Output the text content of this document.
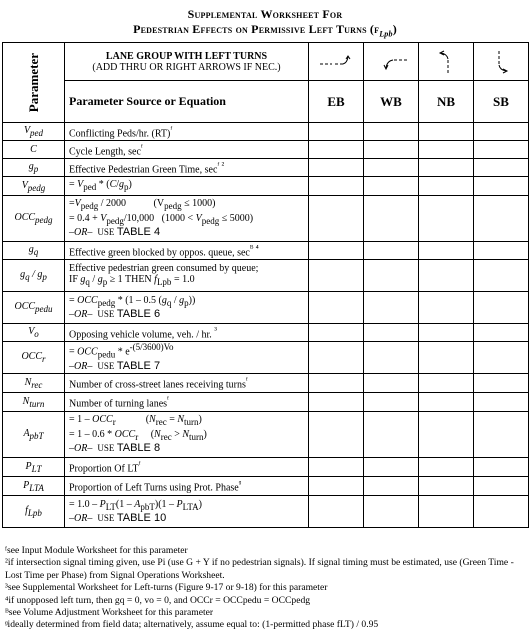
Supplemental Worksheet For
Pedestrian Effects on Permissive Left Turns $(f_{Lpb})$
Parameter	LANE GROUP WITH LEFT TURNS
(ADD THRU OR RIGHT ARROWS IF NEC.)	

	Parameter Source or Equation	EB	WB	NB	SB
$V_{ped}$	Conflicting Peds/hr. (RT)$^ᶠ$				
C	Cycle Length, $\sec^ᶠ$				
$g_p$	Effective Pedestrian Green Time, $\sec^{ᶠ ^2}$				
$V_{pedg}$	= $V_{ped} * (C/g_p)$				
$OCC_{pedg}$	$=V_{pedg} / 2000$           $(V_{pedg} \le 1000)$
= $0.4 + V_{pedg}/10,000$   $(1000 < V_{pedg} \le 5000)$
–OR– USE TABLE 4				
$g_q$	Effective green blocked by oppos. queue, $\sec^{ᴮ ^4}$				
$g_q / g_p$	Effective pedestrian green consumed by queue;
IF $g_q / g_p \ge 1$ THEN $f_{Lpb} = 1.0$				
$OCC_{pedu}$	= $OCC_{pedg} * (1 - 0.5$ $(g_q / g_p)$)
–OR– USE TABLE 6				
$V_o$	Opposing vehicle volume, veh. / hr. $^{^3}$				
$OCC_r$	= $OCC_{pedu} * e^{-(5/3600)Vo}$
–OR– USE TABLE 7				
$N_{rec}$	Number of cross-street lanes receiving turns$^ᶠ$				
$N_{turn}$	Number of turning lanes$^ᶠ$				
$A_{pbT}$	= $1 - OCC_r$            $(N_{rec} = N_{turn})$
= $1 - 0.6 * OCC_r$     $(N_{rec} > N_{turn})$
–OR– USE TABLE 8				
$P_{LT}$	Proportion Of $LT^ᶠ$				
$P_{LTA}$	Proportion of Left Turns using Prot. Phase$^ᶢ$				
$f_{Lpb}$	= $1.0 - P_{LT}(1 - A_{pbT})(1 - P_{LTA})$
–OR– USE TABLE 10				

ᶠsee Input Module Worksheet for this parameter

²if intersection signal timing given, use Pi (use G + Y if no pedestrian signals). If signal timing must be estimated, use (Green Time - Lost Time per Phase) from Signal Operations Worksheet.

³see Supplemental Worksheet for Left-turns (Figure 9-17 or 9-18) for this parameter

⁴if unopposed left turn, then gq = 0, vo = 0, and OCCr = OCCpedu = OCCpedg

ᴮsee Volume Adjustment Worksheet for this parameter

ᶢideally determined from field data; alternatively, assume equal to: (1-permitted phase fLT) / 0.95
